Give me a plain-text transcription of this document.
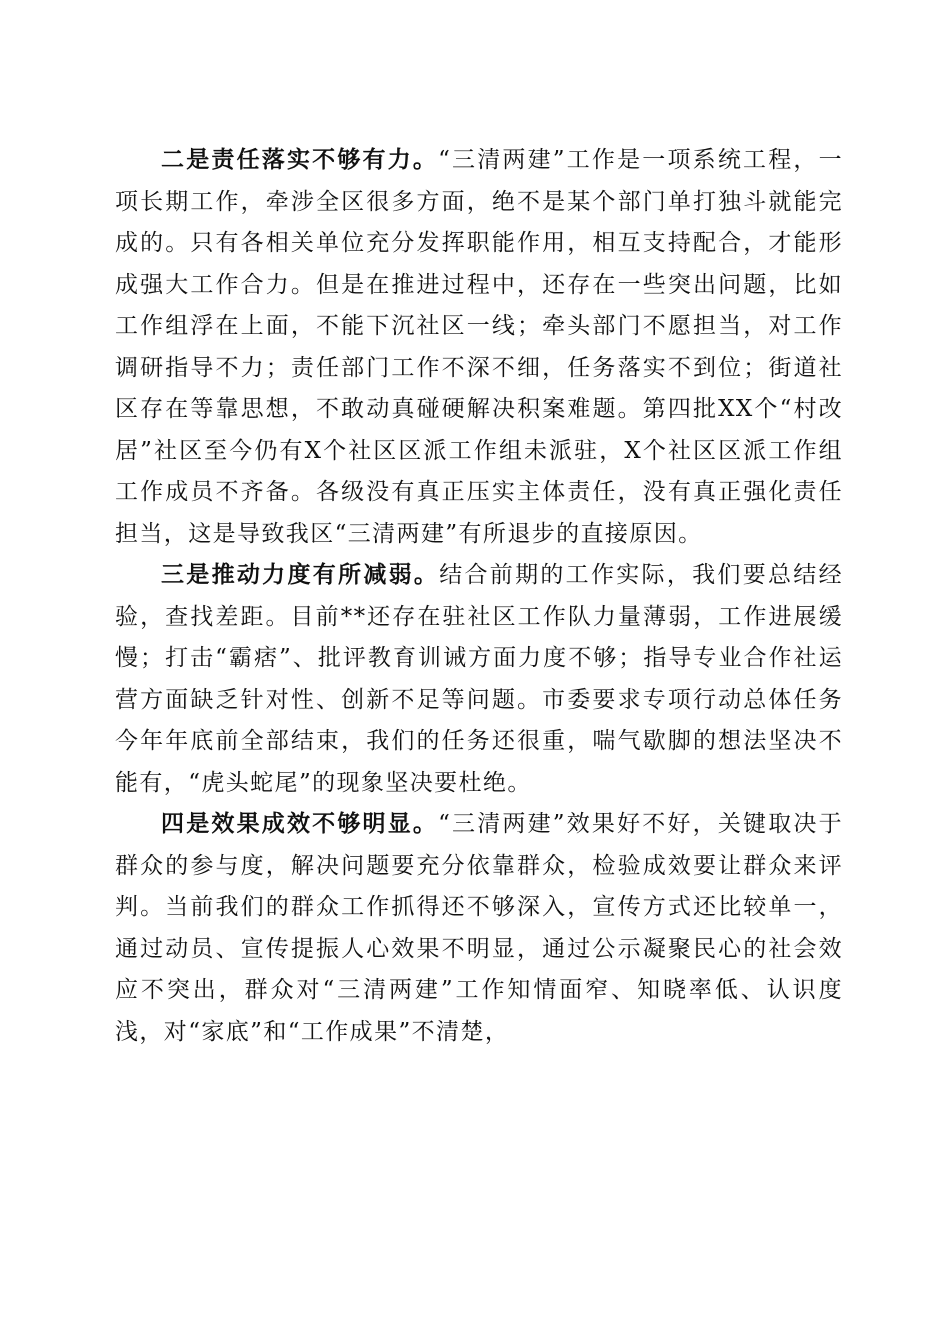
二是责任落实不够有力。“三清两建”工作是一项系统工程，一项长期工作，牵涉全区很多方面，绝不是某个部门单打独斗就能完成的。只有各相关单位充分发挥职能作用，相互支持配合，才能形成强大工作合力。但是在推进过程中，还存在一些突出问题，比如工作组浮在上面，不能下沉社区一线；牵头部门不愿担当，对工作调研指导不力；责任部门工作不深不细，任务落实不到位；街道社区存在等靠思想，不敢动真碰硬解决积案难题。第四批XX个“村改居”社区至今仍有X个社区区派工作组未派驻，X个社区区派工作组工作成员不齐备。各级没有真正压实主体责任，没有真正强化责任担当，这是导致我区“三清两建”有所退步的直接原因。

三是推动力度有所减弱。结合前期的工作实际，我们要总结经验，查找差距。目前**还存在驻社区工作队力量薄弱，工作进展缓慢；打击“霸痞”、批评教育训诫方面力度不够；指导专业合作社运营方面缺乏针对性、创新不足等问题。市委要求专项行动总体任务今年年底前全部结束，我们的任务还很重，喘气歇脚的想法坚决不能有，“虎头蛇尾”的现象坚决要杜绝。

四是效果成效不够明显。“三清两建”效果好不好，关键取决于群众的参与度，解决问题要充分依靠群众，检验成效要让群众来评判。当前我们的群众工作抓得还不够深入，宣传方式还比较单一，通过动员、宣传提振人心效果不明显，通过公示凝聚民心的社会效应不突出，群众对“三清两建”工作知情面窄、知晓率低、认识度浅，对“家底”和“工作成果”不清楚，
